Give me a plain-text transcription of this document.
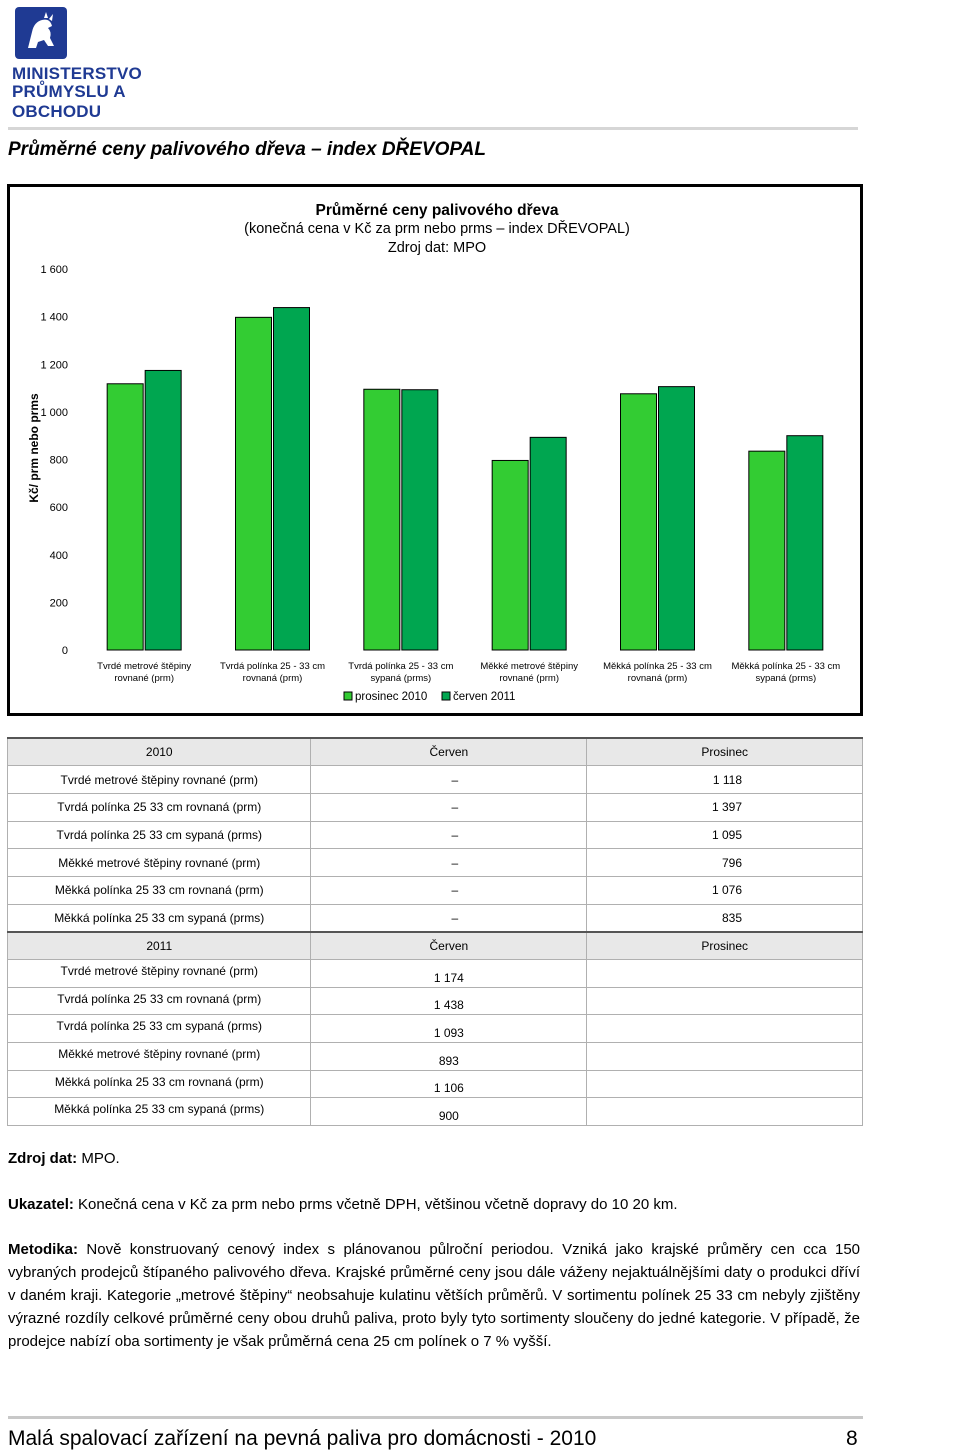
MINISTERSTVO
PRŮMYSLU A OBCHODU
Průměrné ceny palivového dřeva – index DŘEVOPAL
Průměrné ceny palivového dřeva
(konečná cena v Kč za prm nebo prms – index DŘEVOPAL)
Zdroj dat: MPO
Kč/ prm nebo prms
0
200
400
600
800
1 000
1 200
1 400
1 600
Tvrdé metrové štěpiny
rovnané (prm)
Tvrdá polínka 25 - 33 cm
rovnaná (prm)
Tvrdá polínka 25 - 33 cm
sypaná (prms)
Měkké metrové štěpiny
rovnané (prm)
Měkká polínka 25 - 33 cm
rovnaná (prm)
Měkká polínka 25 - 33 cm
sypaná (prms)
prosinec 2010 červen 2011
2010	Červen	Prosinec
Tvrdé metrové štěpiny rovnané (prm)	–	1 118
Tvrdá polínka 25 33 cm rovnaná (prm)	–	1 397
Tvrdá polínka 25 33 cm sypaná (prms)	–	1 095
Měkké metrové štěpiny rovnané (prm)	–	796
Měkká polínka 25 33 cm rovnaná (prm)	–	1 076
Měkká polínka 25 33 cm sypaná (prms)	–	835
2011	Červen	Prosinec
Tvrdé metrové štěpiny rovnané (prm)	1 174	
Tvrdá polínka 25 33 cm rovnaná (prm)	1 438	
Tvrdá polínka 25 33 cm sypaná (prms)	1 093	
Měkké metrové štěpiny rovnané (prm)	893	
Měkká polínka 25 33 cm rovnaná (prm)	1 106	
Měkká polínka 25 33 cm sypaná (prms)	900	
Zdroj dat: MPO.
Ukazatel: Konečná cena v Kč za prm nebo prms včetně DPH, většinou včetně dopravy do 10 20 km.
Metodika: Nově konstruovaný cenový index s plánovanou půlroční periodou. Vzniká jako krajské průměry cen cca 150 vybraných prodejců štípaného palivového dřeva. Krajské průměrné ceny jsou dále váženy nejaktuálnějšími daty o produkci dříví v daném kraji. Kategorie „metrové štěpiny“ neobsahuje kulatinu větších průměrů. V sortimentu polínek 25 33 cm nebyly zjištěny výrazné rozdíly celkové průměrné ceny obou druhů paliva, proto byly tyto sortimenty sloučeny do jedné kategorie. V případě, že prodejce nabízí oba sortimenty je však průměrná cena 25 cm polínek o 7 % vyšší.
Malá spalovací zařízení na pevná paliva pro domácnosti - 2010	8
